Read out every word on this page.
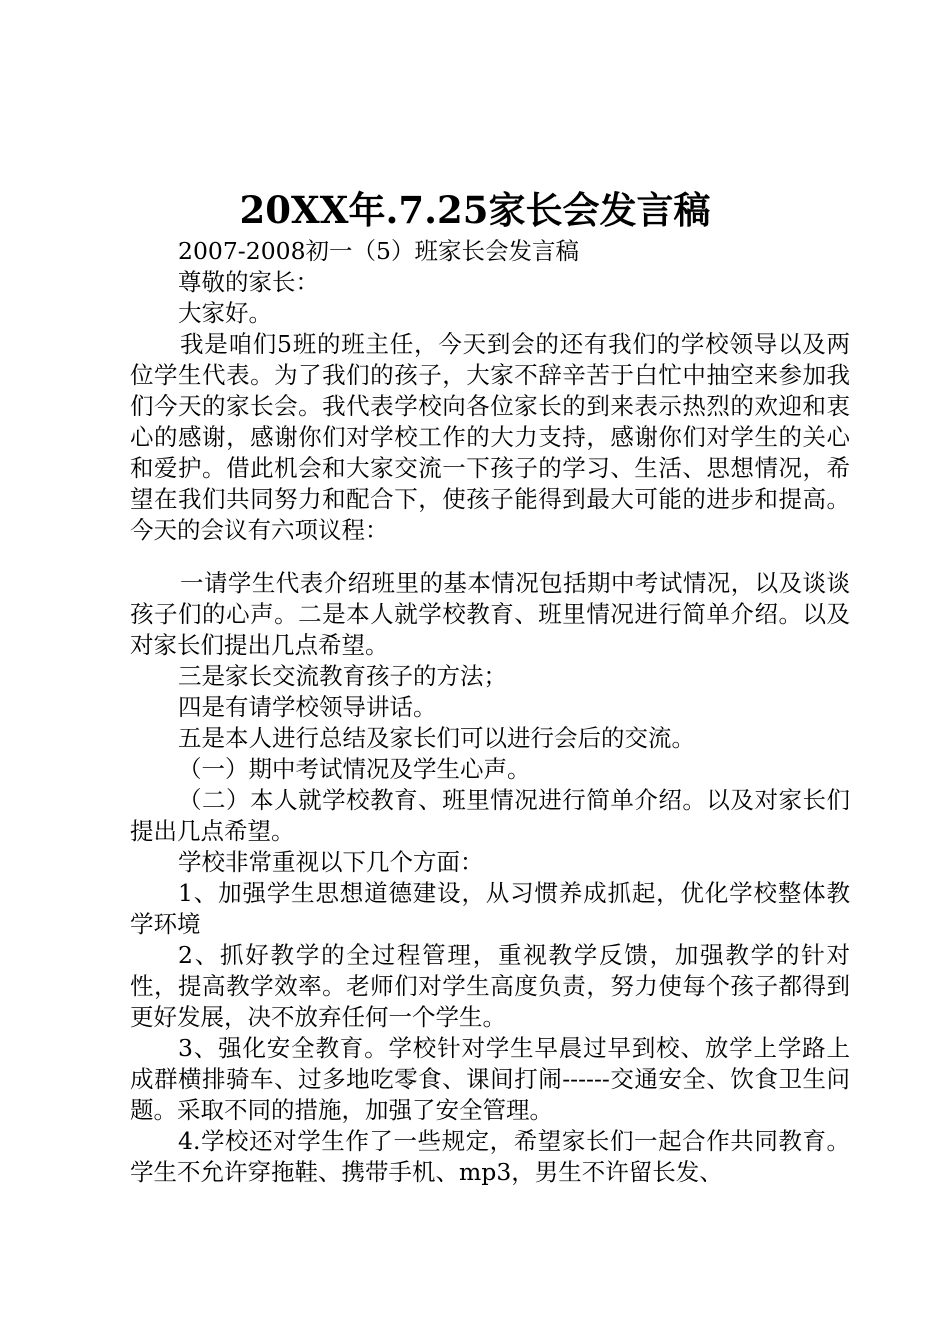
20XX年.7.25家长会发言稿

2007-2008初一（5）班家长会发言稿

尊敬的家长：

大家好。

我是咱们5班的班主任，今天到会的还有我们的学校领导以及两位学生代表。为了我们的孩子，大家不辞辛苦于白忙中抽空来参加我们今天的家长会。我代表学校向各位家长的到来表示热烈的欢迎和衷心的感谢，感谢你们对学校工作的大力支持，感谢你们对学生的关心和爱护。借此机会和大家交流一下孩子的学习、生活、思想情况，希望在我们共同努力和配合下，使孩子能得到最大可能的进步和提高。今天的会议有六项议程：

一请学生代表介绍班里的基本情况包括期中考试情况，以及谈谈孩子们的心声。二是本人就学校教育、班里情况进行简单介绍。以及对家长们提出几点希望。

三是家长交流教育孩子的方法；

四是有请学校领导讲话。

五是本人进行总结及家长们可以进行会后的交流。

（一）期中考试情况及学生心声。

（二）本人就学校教育、班里情况进行简单介绍。以及对家长们提出几点希望。

学校非常重视以下几个方面：

1、加强学生思想道德建设，从习惯养成抓起，优化学校整体教学环境

2、抓好教学的全过程管理，重视教学反馈，加强教学的针对性，提高教学效率。老师们对学生高度负责，努力使每个孩子都得到更好发展，决不放弃任何一个学生。

3、强化安全教育。学校针对学生早晨过早到校、放学上学路上成群横排骑车、过多地吃零食、课间打闹------交通安全、饮食卫生问题。采取不同的措施，加强了安全管理。

4.学校还对学生作了一些规定，希望家长们一起合作共同教育。学生不允许穿拖鞋、携带手机、mp3，男生不许留长发、
